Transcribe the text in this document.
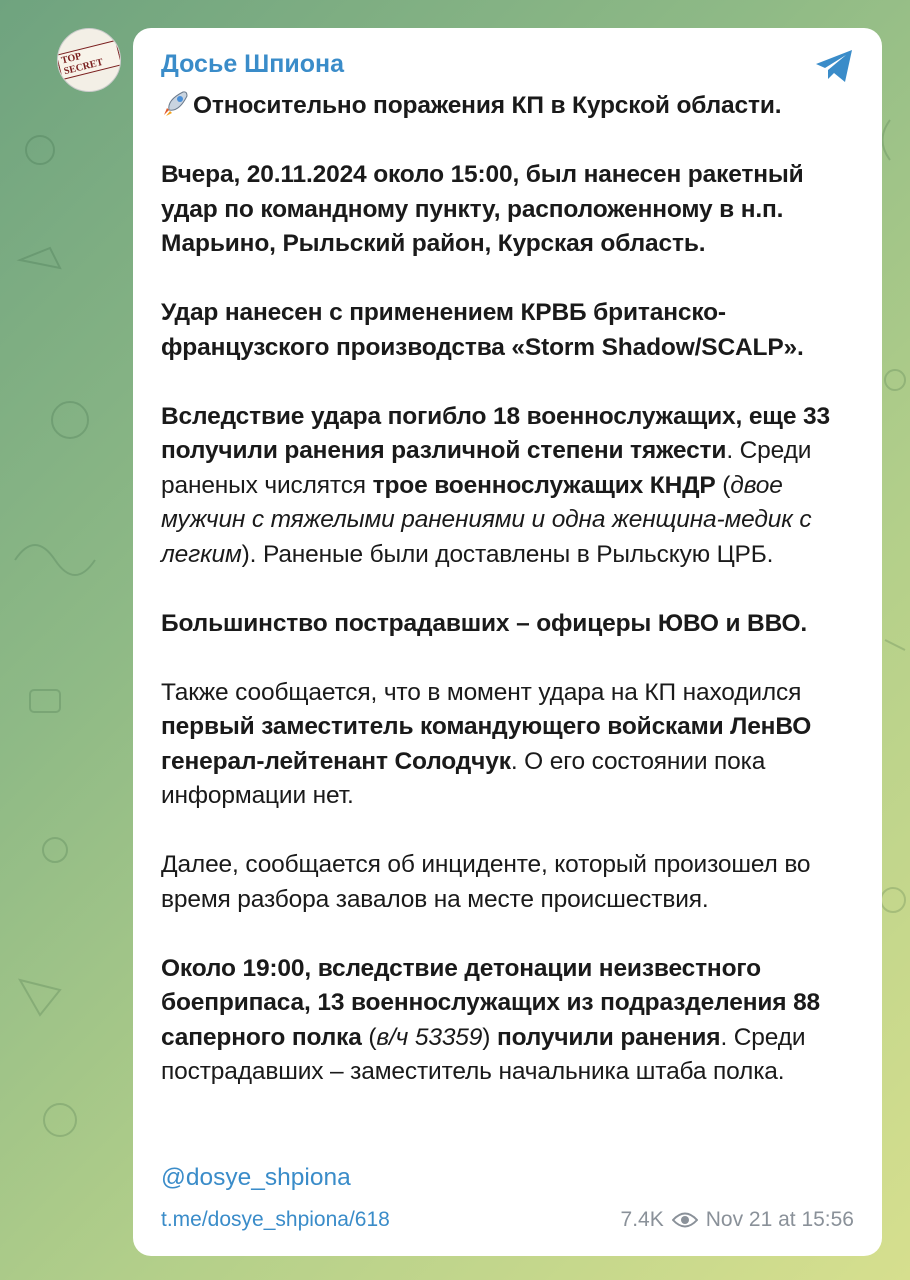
TOP SECRET	Досье Шпиона

Относительно поражения КП в Курской области.

Вчера, 20.11.2024 около 15:00, был нанесен ракетный удар по командному пункту, расположенному в н.п. Марьино, Рыльский район, Курская область.

Удар нанесен с применением КРВБ британско-французского производства «Storm Shadow/SCALP».

Вследствие удара погибло 18 военнослужащих, еще 33 получили ранения различной степени тяжести. Среди раненых числятся трое военнослужащих КНДР (двое мужчин с тяжелыми ранениями и одна женщина-медик с легким). Раненые были доставлены в Рыльскую ЦРБ.

Большинство пострадавших – офицеры ЮВО и ВВО.

Также сообщается, что в момент удара на КП находился первый заместитель командующего войсками ЛенВО генерал-лейтенант Солодчук. О его состоянии пока информации нет.

Далее, сообщается об инциденте, который произошел во время разбора завалов на месте происшествия.

Около 19:00, вследствие детонации неизвестного боеприпаса, 13 военнослужащих из подразделения 88 саперного полка (в/ч 53359) получили ранения. Среди пострадавших – заместитель начальника штаба полка.

@dosye_shpiona
t.me/dosye_shpiona/618	7.4K Nov 21 at 15:56
